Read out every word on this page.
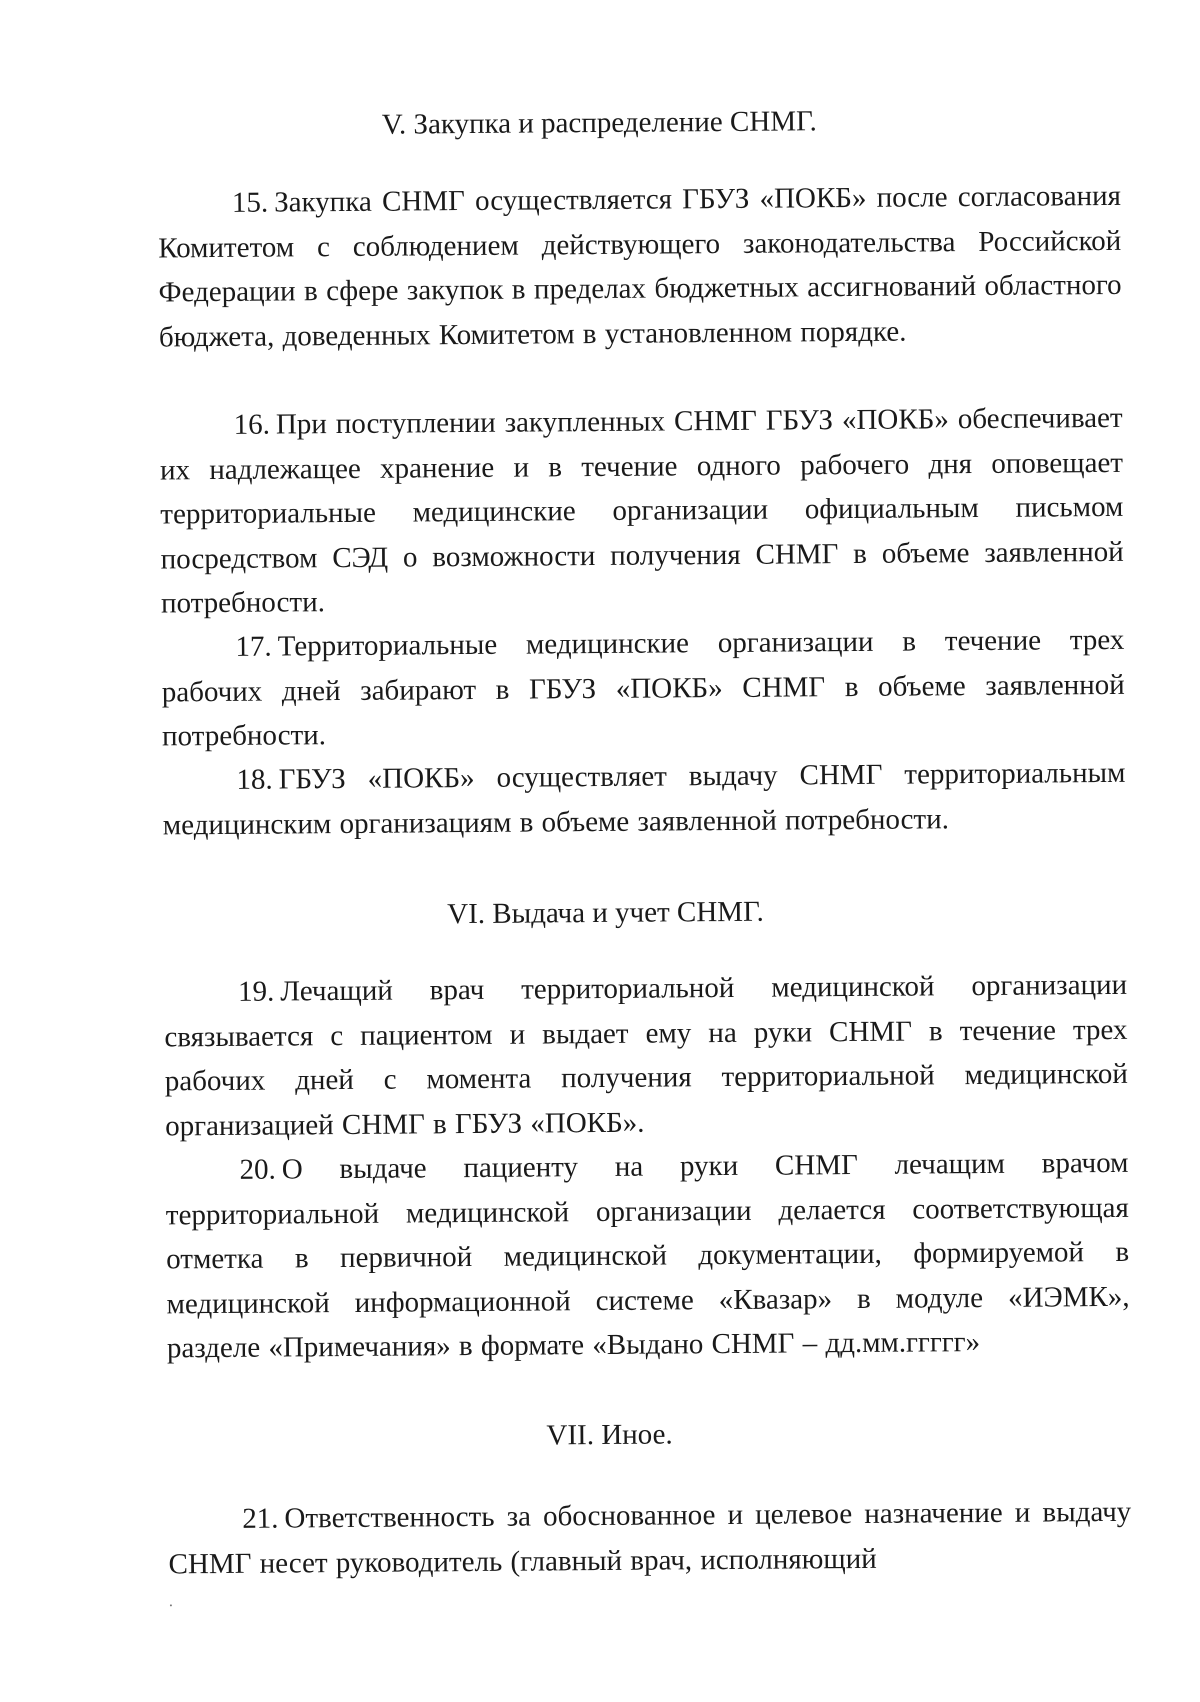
V. Закупка и распределение СНМГ.
15. Закупка СНМГ осуществляется ГБУЗ «ПОКБ» после согласования Комитетом с соблюдением действующего законодательства Российской Федерации в сфере закупок в пределах бюджетных ассигнований областного бюджета, доведенных Комитетом в установленном порядке.
16. При поступлении закупленных СНМГ ГБУЗ «ПОКБ» обеспечивает их надлежащее хранение и в течение одного рабочего дня оповещает территориальные медицинские организации официальным письмом посредством СЭД о возможности получения СНМГ в объеме заявленной потребности.
17. Территориальные медицинские организации в течение трех рабочих дней забирают в ГБУЗ «ПОКБ» СНМГ в объеме заявленной потребности.
18. ГБУЗ «ПОКБ» осуществляет выдачу СНМГ территориальным медицинским организациям в объеме заявленной потребности.
VI. Выдача и учет СНМГ.
19. Лечащий врач территориальной медицинской организации связывается с пациентом и выдает ему на руки СНМГ в течение трех рабочих дней с момента получения территориальной медицинской организацией СНМГ в ГБУЗ «ПОКБ».
20. О выдаче пациенту на руки СНМГ лечащим врачом территориальной медицинской организации делается соответствующая отметка в первичной медицинской документации, формируемой в медицинской информационной системе «Квазар» в модуле «ИЭМК», разделе «Примечания» в формате «Выдано СНМГ – дд.мм.ггггг»
VII. Иное.
21. Ответственность за обоснованное и целевое назначение и выдачу СНМГ несет руководитель (главный врач, исполняющий
